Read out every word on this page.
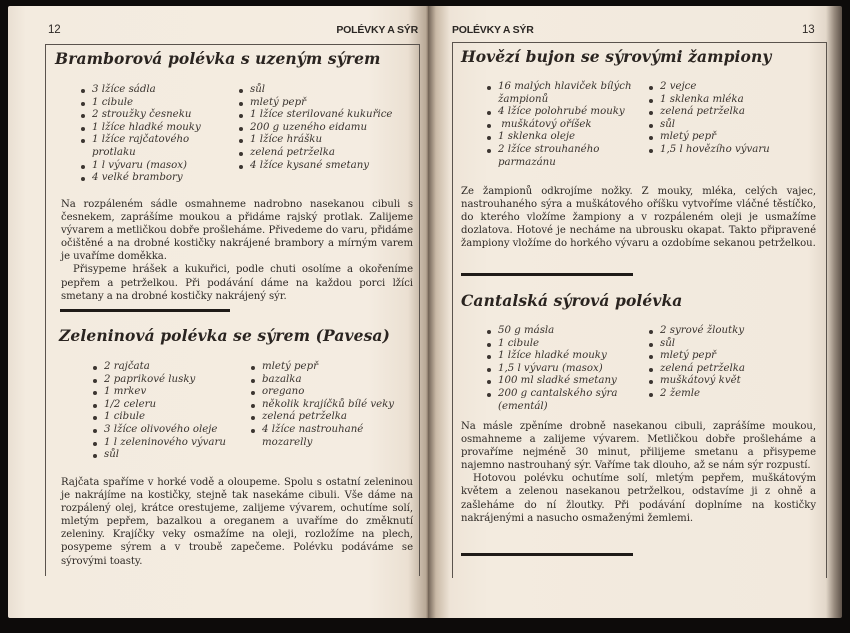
12	POLÉVKY A SÝR
Bramborová polévka s uzeným sýrem
3 lžíce sádla
1 cibule
2 stroužky česneku
1 lžíce hladké mouky
1 lžíce rajčatového
protlaku
1 l vývaru (masox)
4 velké brambory
sůl
mletý pepř
1 lžíce sterilované kukuřice
200 g uzeného eidamu
1 lžíce hrášku
zelená petrželka
4 lžíce kysané smetany

Na rozpáleném sádle osmahneme nadrobno nasekanou cibuli s česnekem, zaprášíme moukou a přidáme rajský protlak. Zalijeme vývarem a metličkou dobře prošleháme. Přivedeme do varu, přidáme očištěné a na drobné kostičky nakrájené brambory a mírným varem je uvaříme doměkka.

Přisypeme hrášek a kukuřici, podle chuti osolíme a okořeníme pepřem a petrželkou. Při podávání dáme na každou porci lžíci smetany a na drobné kostičky nakrájený sýr.

Zeleninová polévka se sýrem (Pavesa)
2 rajčata
2 paprikové lusky
1 mrkev
1/2 celeru
1 cibule
3 lžíce olivového oleje
1 l zeleninového vývaru
sůl
mletý pepř
bazalka
oregano
několik krajíčků bílé veky
zelená petrželka
4 lžíce nastrouhané
mozarelly

Rajčata spaříme v horké vodě a oloupeme. Spolu s ostatní zeleninou je nakrájíme na kostičky, stejně tak nasekáme cibuli. Vše dáme na rozpálený olej, krátce orestujeme, zalijeme vývarem, ochutíme solí, mletým pepřem, bazalkou a oreganem a uvaříme do změknutí zeleniny. Krajíčky veky osmažíme na oleji, rozložíme na plech, posypeme sýrem a v troubě zapečeme. Polévku podáváme se sýrovými toasty.

POLÉVKY A SÝR	13
Hovězí bujon se sýrovými žampiony
16 malých hlaviček bílých
žampionů
4 lžíce polohrubé mouky
muškátový oříšek
1 sklenka oleje
2 lžíce strouhaného
parmazánu
2 vejce
1 sklenka mléka
zelená petrželka
sůl
mletý pepř
1,5 l hovězího vývaru

Ze žampionů odkrojíme nožky. Z mouky, mléka, celých vajec, nastrouhaného sýra a muškátového oříšku vytvoříme vláčné těstíčko, do kterého vložíme žampiony a v rozpáleném oleji je usmažíme dozlatova. Hotové je necháme na ubrousku okapat. Takto připravené žampiony vložíme do horkého vývaru a ozdobíme sekanou petrželkou.

Cantalská sýrová polévka
50 g másla
1 cibule
1 lžíce hladké mouky
1,5 l vývaru (masox)
100 ml sladké smetany
200 g cantalského sýra
(ementál)
2 syrové žloutky
sůl
mletý pepř
zelená petrželka
muškátový květ
2 žemle

Na másle zpěníme drobně nasekanou cibuli, zaprášíme moukou, osmahneme a zalijeme vývarem. Metličkou dobře prošleháme a provaříme nejméně 30 minut, přilijeme smetanu a přisypeme najemno nastrouhaný sýr. Vaříme tak dlouho, až se nám sýr rozpustí.

Hotovou polévku ochutíme solí, mletým pepřem, muškátovým květem a zelenou nasekanou petrželkou, odstavíme ji z ohně a zašleháme do ní žloutky. Při podávání doplníme na kostičky nakrájenými a nasucho osmaženými žemlemi.
